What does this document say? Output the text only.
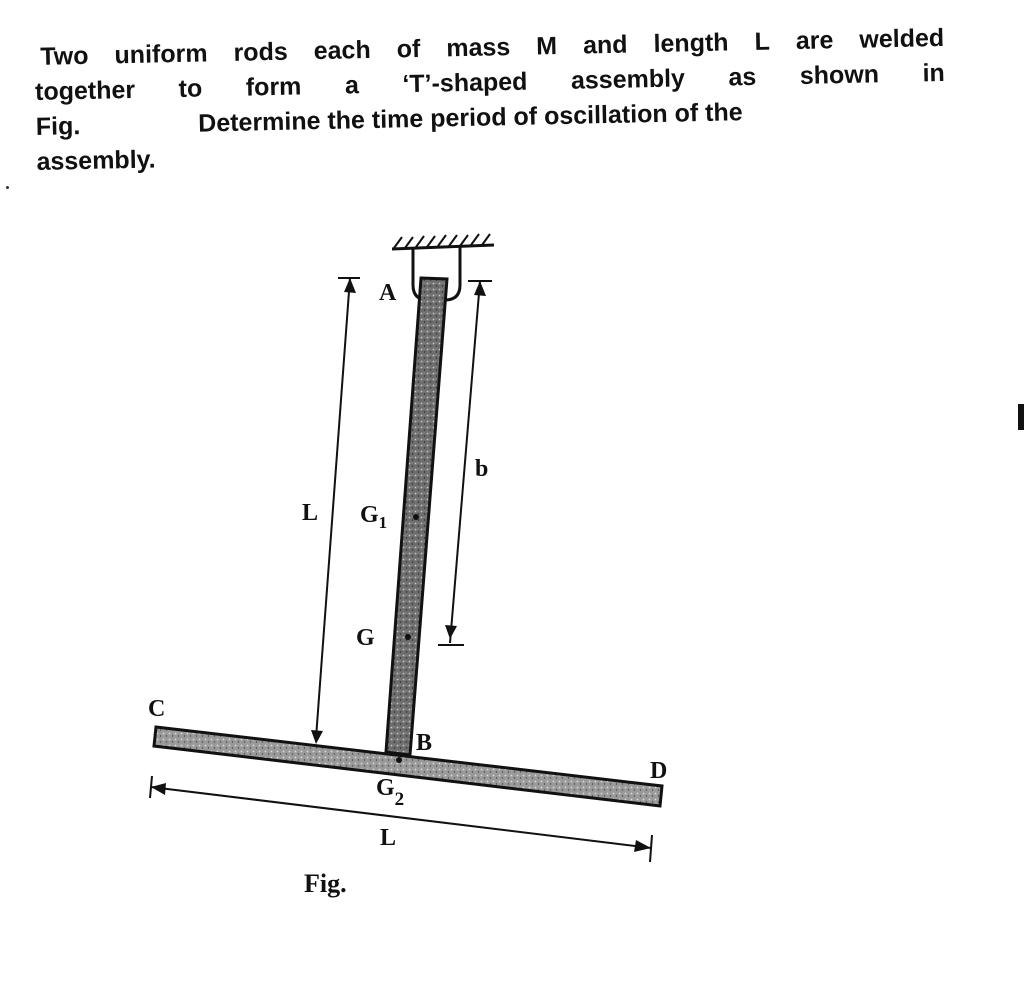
Two uniform rods each of mass M and length L are welded
together to form a ‘T’-shaped assembly as shown in
Fig.	Determine the time period of oscillation of the
assembly.
A
b
L $G_1$
G
C
B
D
$G_2$
L
Fig.
